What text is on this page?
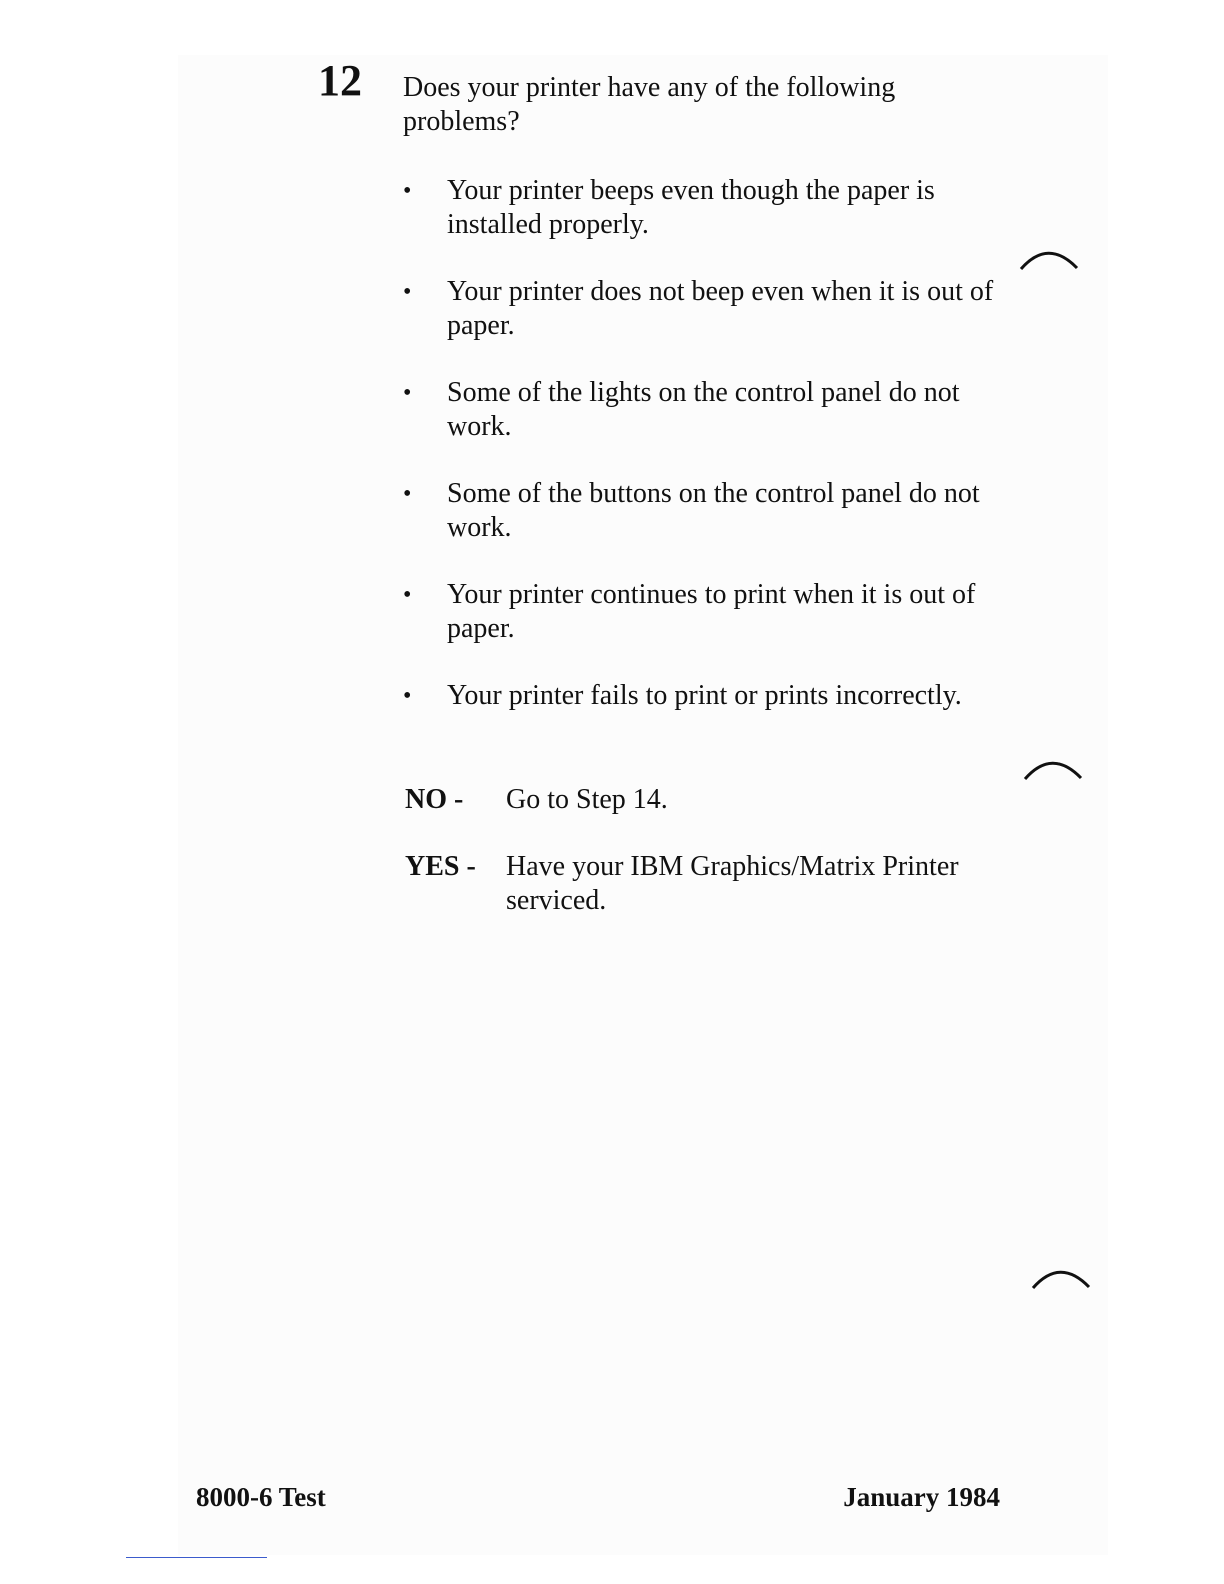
12 Does your printer have any of the following problems?

•	Your printer beeps even though the paper is installed properly.
•	Your printer does not beep even when it is out of paper.
•	Some of the lights on the control panel do not work.
•	Some of the buttons on the control panel do not work.
•	Your printer continues to print when it is out of paper.
•	Your printer fails to print or prints incorrectly.
NO - Go to Step 14.
YES - Have your IBM Graphics/Matrix Printer serviced.
8000-6 Test	January 1984
